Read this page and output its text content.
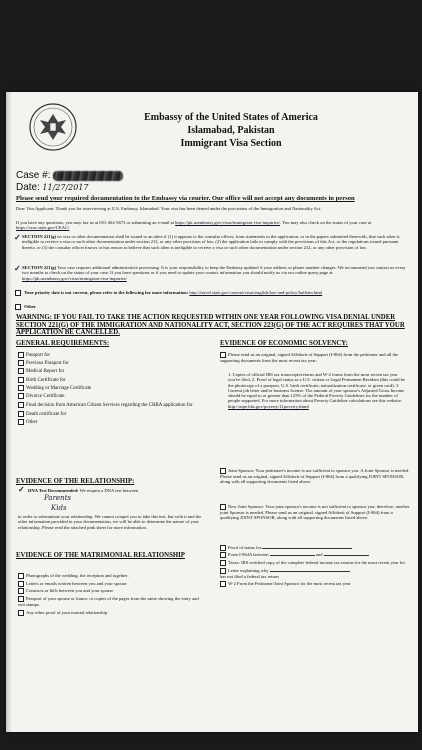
Embassy of the United States of America
Islamabad, Pakistan
Immigrant Visa Section
Case #:
Date: 11/27/2017
Please send your required documentation to the Embassy via courier. Our office will not accept any documents in person
Dear Visa Applicant: Thank you for interviewing at U.S. Embassy, Islamabad. Your visa has been denied under the provisions of the Immigration and Nationality Act.
If you have any questions, you may fax us at 051-262-3673 or submitting an e-mail at https://pk.usembassy.gov/visas/immigrant-visa-inquiries/. You may also check on the status of your case at https://ceac.state.gov/CEAC/
✓ SECTION 221(g) no visa or other documentation shall be issued to an alien if (1) it appears to the consular officer, from statements in the application, or in the papers submitted therewith, that such alien is ineligible to receive a visa or such other documentation under section 212, or any other provision of law, (2) the application fails to comply with the provisions of this Act, or the regulations issued pursuant thereto, or (3) the consular officer knows or has reason to believe that such alien is ineligible to receive a visa or such other documentation under section 212, or any other provision of law.
✓ SECTION 221(g) Your case requires additional administrative processing. It is your responsibility to keep the Embassy updated if your address or phone number changes. We recommend you contact us every two months to check on the status of your case. If you have questions or if you need to update your contact information you should notify us via our online query page at https://pk.usembassy.gov/visas/immigrant-visa-inquiries/
Your priority date is not current, please refer to the following for more information: http://travel.state.gov/content/visas/english/law-and-policy/bulletin.html
Other
WARNING: IF YOU FAIL TO TAKE THE ACTION REQUESTED WITHIN ONE YEAR FOLLOWING VISA DENIAL UNDER SECTION 221(G) OF THE IMMIGRATION AND NATIONALITY ACT, SECTION 223(G) OF THE ACT REQUIRES THAT YOUR APPLICATION BE CANCELLED.
GENERAL REQUIREMENTS:
Passport for
Previous Passport for
Medical Report for
Birth Certificate for
Wedding or Marriage Certificate
Divorce Certificate
Final decision from American Citizen Services regarding the CRBA application for
Death certificate for
Other
EVIDENCE OF THE RELATIONSHIP:
✓ DNA Test Recommended: We request a DNA test between
Parents
Kids
in order to substantiate your relationship. We cannot compel you to take this test, but with it and the other information provided in your documentation, we will be able to determine the nature of your relationship. Please read the attached pink sheet for more information.
EVIDENCE OF THE MATRIMONIAL RELATIONSHIP
Photographs of the wedding, the reception and together.
Letters or emails written between you and your spouse
Contracts or bills between you and your spouse
Passport of your spouse or fiance, or copies of the pages from the same showing the entry and exit stamps.
Any other proof of your marital relationship
EVIDENCE OF ECONOMIC SOLVENCY:
Please send us an original, signed Affidavit of Support (I-864) from the petitioner and all the supporting documents from the most recent tax year:
1. Copies of official IRS tax transcripts/returns and W-2 forms from the most recent tax year you've filed, 2. Proof of legal status as a U.S. citizen or Legal Permanent Resident (this could be the photocopy of a passport, U.S. birth certificate, naturalization certificate, or green card). 3. Current job letter and/or business license. The amount of your sponsor's Adjusted Gross Income should be equal to or greater than 125% of the Federal Poverty Guidelines for the number of people supported. For more information about Poverty Guideline calculations see this website: http://aspe.hhs.gov/poverty/11poverty.shtml
Joint Sponsor: Your petitioner's income is not sufficient to sponsor you. A Joint Sponsor is needed. Please send us an original, signed Affidavit of Support (I-864) from a qualifying JOINT SPONSOR, along with all supporting documents listed above.
New Joint Sponsor: Your joint sponsor's income is not sufficient to sponsor you; therefore, another joint Sponsor is needed. Please send us an original, signed Affidavit of Support (I-864) from a qualifying JOINT SPONSOR, along with all supporting documents listed above.
Proof of status for
Form I-864A between	and
Taxes: IRS certified copy of the complete federal income tax returns for the most recent year for
Letter explaining why
has not filed a federal tax return
W-2 From the Petitioner/Joint Sponsor for the most recent tax year
